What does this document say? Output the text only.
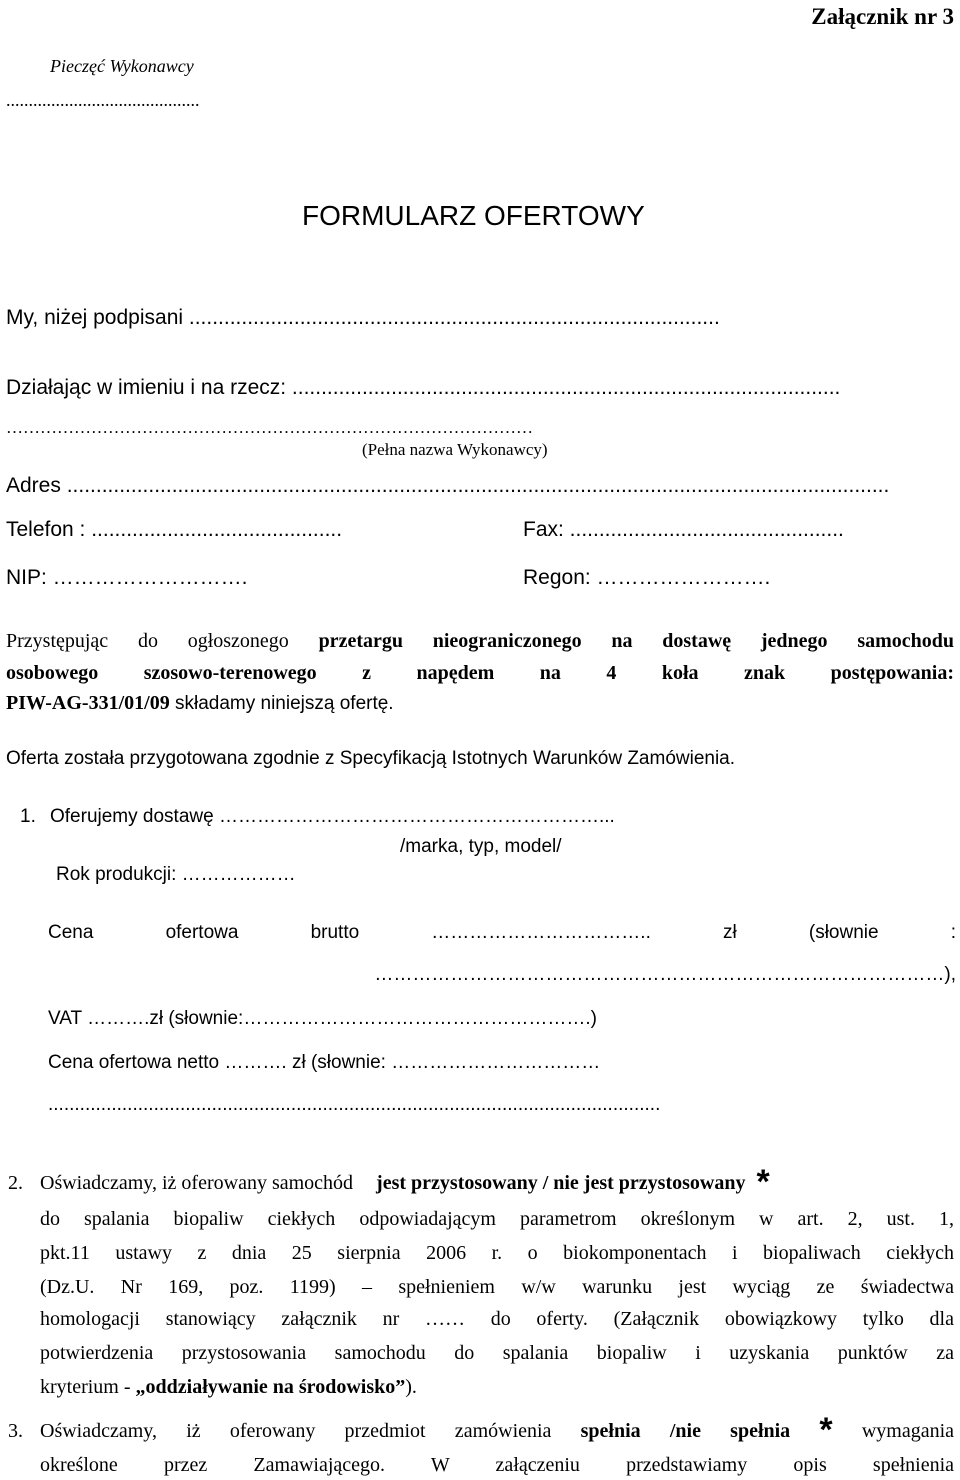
Załącznik nr 3
Pieczęć Wykonawcy
...........................................
FORMULARZ OFERTOWY
My, niżej podpisani ...........................................................................................
Działając w imieniu i na rzecz: ..............................................................................................
…………………………………………………………………………………
(Pełna nazwa Wykonawcy)
Adres .............................................................................................................................................
Telefon : ...........................................	Fax: ...............................................
NIP: ……………………….	Regon: …………………….
Przystępując do ogłoszonego przetargu nieograniczonego na dostawę jednego samochodu
osobowego szosowo-terenowego z napędem na 4 koła znak postępowania:
PIW-AG-331/01/09 składamy niniejszą ofertę.
Oferta została przygotowana zgodnie z Specyfikacją Istotnych Warunków Zamówienia.
1. Oferujemy dostawę ……………………………………………………...
/marka, typ, model/
Rok produkcji: ………………
Cena ofertowa brutto …………………………….. zł (słownie :
………………………………………………………………………………),
VAT ……….zł (słownie:……………………………………………….)
Cena ofertowa netto ………. zł (słownie: ……………………………
....................................................................................................................
2. Oświadczamy, iż oferowany samochód jest przystosowany / nie jest przystosowany *
do spalania biopaliw ciekłych odpowiadającym parametrom określonym w art. 2, ust. 1,
pkt.11 ustawy z dnia 25 sierpnia 2006 r. o biokomponentach i biopaliwach ciekłych
(Dz.U. Nr 169, poz. 1199) – spełnieniem w/w warunku jest wyciąg ze świadectwa
homologacji stanowiący załącznik nr …… do oferty. (Załącznik obowiązkowy tylko dla
potwierdzenia przystosowania samochodu do spalania biopaliw i uzyskania punktów za
kryterium - „oddziaływanie na środowisko”).
3. Oświadczamy, iż oferowany przedmiot zamówienia spełnia /nie spełnia * wymagania
określone przez Zamawiającego. W załączeniu przedstawiamy opis spełnienia
